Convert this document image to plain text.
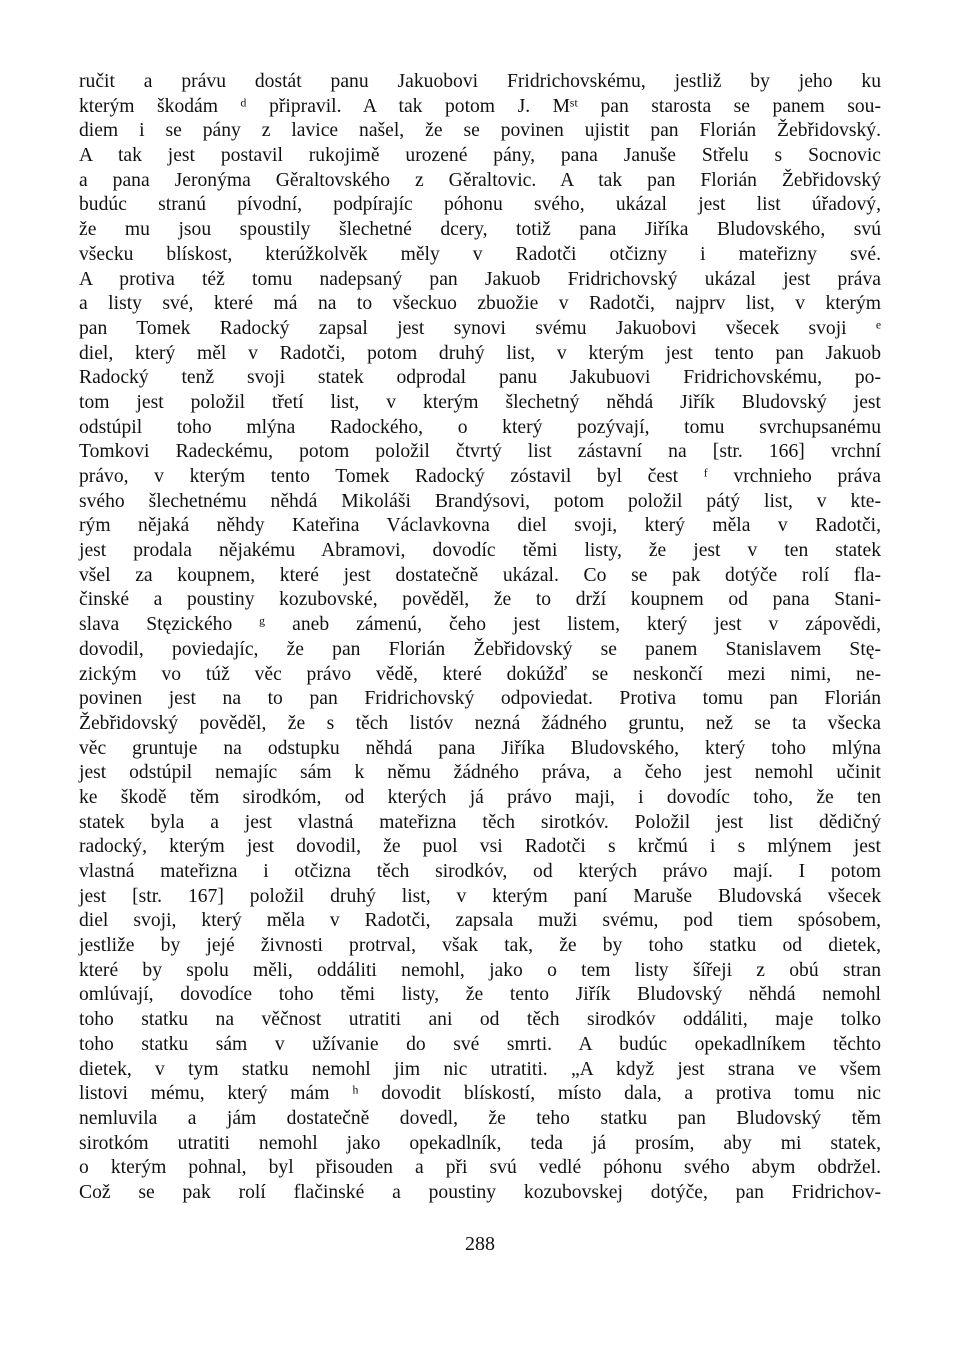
ručit a právu dostát panu Jakuobovi Fridrichovskému, jestliž by jeho ku
kterým škodám ᵈ připravil. A tak potom J. Mˢᵗ pan starosta se panem sou-
diem i se pány z lavice našel, že se povinen ujistit pan Florián Žebřidovský.
A tak jest postavil rukojimě urozené pány, pana Januše Střelu s Socnovic
a pana Jeronýma Gěraltovského z Gěraltovic. A tak pan Florián Žebřidovský
budúc stranú pívodní, podpírajíc póhonu svého, ukázal jest list úřadový,
že mu jsou spoustily šlechetné dcery, totiž pana Jiříka Bludovského, svú
všecku blískost, kterúžkolvěk měly v Radotči otčizny i mateřizny své.
A protiva též tomu nadepsaný pan Jakuob Fridrichovský ukázal jest práva
a listy své, které má na to všeckuo zbuožie v Radotči, najprv list, v kterým
pan Tomek Radocký zapsal jest synovi svému Jakuobovi všecek svoji ᵉ
diel, který měl v Radotči, potom druhý list, v kterým jest tento pan Jakuob
Radocký tenž svoji statek odprodal panu Jakubuovi Fridrichovskému, po-
tom jest položil třetí list, v kterým šlechetný něhdá Jiřík Bludovský jest
odstúpil toho mlýna Radockého, o který pozývají, tomu svrchupsanému
Tomkovi Radeckému, potom položil čtvrtý list zástavní na [str. 166] vrchní
právo, v kterým tento Tomek Radocký zóstavil byl čest ᶠ vrchnieho práva
svého šlechetnému něhdá Mikoláši Brandýsovi, potom položil pátý list, v kte-
rým nějaká něhdy Kateřina Václavkovna diel svoji, který měla v Radotči,
jest prodala nějakému Abramovi, dovodíc těmi listy, že jest v ten statek
všel za koupnem, které jest dostatečně ukázal. Co se pak dotýče rolí fla-
činské a poustiny kozubovské, pověděl, že to drží koupnem od pana Stani-
slava Stęzického ᵍ aneb zámenú, čeho jest listem, který jest v zápovědi,
dovodil, poviedajíc, že pan Florián Žebřidovský se panem Stanislavem Stę-
zickým vo túž věc právo vědě, které dokúžď se neskončí mezi nimi, ne-
povinen jest na to pan Fridrichovský odpoviedat. Protiva tomu pan Florián
Žebřidovský pověděl, že s těch listóv nezná žádného gruntu, než se ta všecka
věc gruntuje na odstupku něhdá pana Jiříka Bludovského, který toho mlýna
jest odstúpil nemajíc sám k němu žádného práva, a čeho jest nemohl učinit
ke škodě těm sirodkóm, od kterých já právo maji, i dovodíc toho, že ten
statek byla a jest vlastná mateřizna těch sirotkóv. Položil jest list dědičný
radocký, kterým jest dovodil, že puol vsi Radotči s krčmú i s mlýnem jest
vlastná mateřizna i otčizna těch sirodkóv, od kterých právo mají. I potom
jest [str. 167] položil druhý list, v kterým paní Maruše Bludovská všecek
diel svoji, který měla v Radotči, zapsala muži svému, pod tiem spósobem,
jestliže by jejé živnosti protrval, však tak, že by toho statku od dietek,
které by spolu měli, oddáliti nemohl, jako o tem listy šířeji z obú stran
omlúvají, dovodíce toho těmi listy, že tento Jiřík Bludovský něhdá nemohl
toho statku na věčnost utratiti ani od těch sirodkóv oddáliti, maje tolko
toho statku sám v užívanie do své smrti. A budúc opekadlníkem těchto
dietek, v tym statku nemohl jim nic utratiti. „A když jest strana ve všem
listovi mému, který mám ʰ dovodit blískostí, místo dala, a protiva tomu nic
nemluvila a jám dostatečně dovedl, že teho statku pan Bludovský těm
sirotkóm utratiti nemohl jako opekadlník, teda já prosím, aby mi statek,
o kterým pohnal, byl přisouden a při svú vedlé póhonu svého abym obdržel.
Což se pak rolí flačinské a poustiny kozubovskej dotýče, pan Fridrichov-
288
